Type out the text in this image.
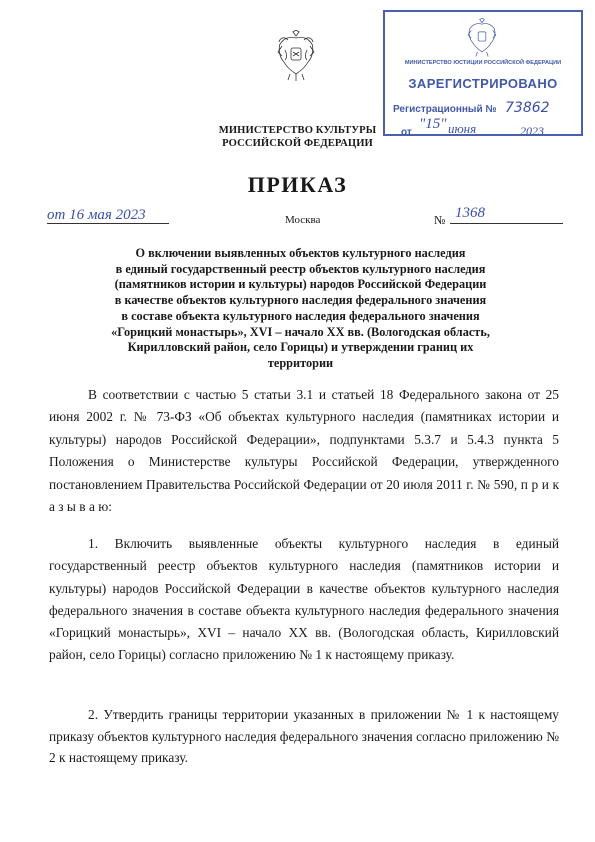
МИНИСТЕРСТВО КУЛЬТУРЫ
РОССИЙСКОЙ ФЕДЕРАЦИИ
МИНИСТЕРСТВО ЮСТИЦИИ РОССИЙСКОЙ ФЕДЕРАЦИИ
ЗАРЕГИСТРИРОВАНО
Регистрационный № 73862
от
"15" июня	2023
ПРИКАЗ
от 16 мая 2023	Москва	№ 1368
О включении выявленных объектов культурного наследия
в единый государственный реестр объектов культурного наследия
(памятников истории и культуры) народов Российской Федерации
в качестве объектов культурного наследия федерального значения
в составе объекта культурного наследия федерального значения
«Горицкий монастырь», XVI – начало XX вв. (Вологодская область,
Кирилловский район, село Горицы) и утверждении границ их территории
В соответствии с частью 5 статьи 3.1 и статьей 18 Федерального закона от 25 июня 2002 г. № 73-ФЗ «Об объектах культурного наследия (памятниках истории и культуры) народов Российской Федерации», подпунктами 5.3.7 и 5.4.3 пункта 5 Положения о Министерстве культуры Российской Федерации, утвержденного постановлением Правительства Российской Федерации от 20 июля 2011 г. № 590, п р и к а з ы в а ю:
1. Включить выявленные объекты культурного наследия в единый государственный реестр объектов культурного наследия (памятников истории и культуры) народов Российской Федерации в качестве объектов культурного наследия федерального значения в составе объекта культурного наследия федерального значения «Горицкий монастырь», XVI – начало XX вв. (Вологодская область, Кирилловский район, село Горицы) согласно приложению № 1 к настоящему приказу.
2. Утвердить границы территории указанных в приложении № 1 к настоящему приказу объектов культурного наследия федерального значения согласно приложению № 2 к настоящему приказу.
